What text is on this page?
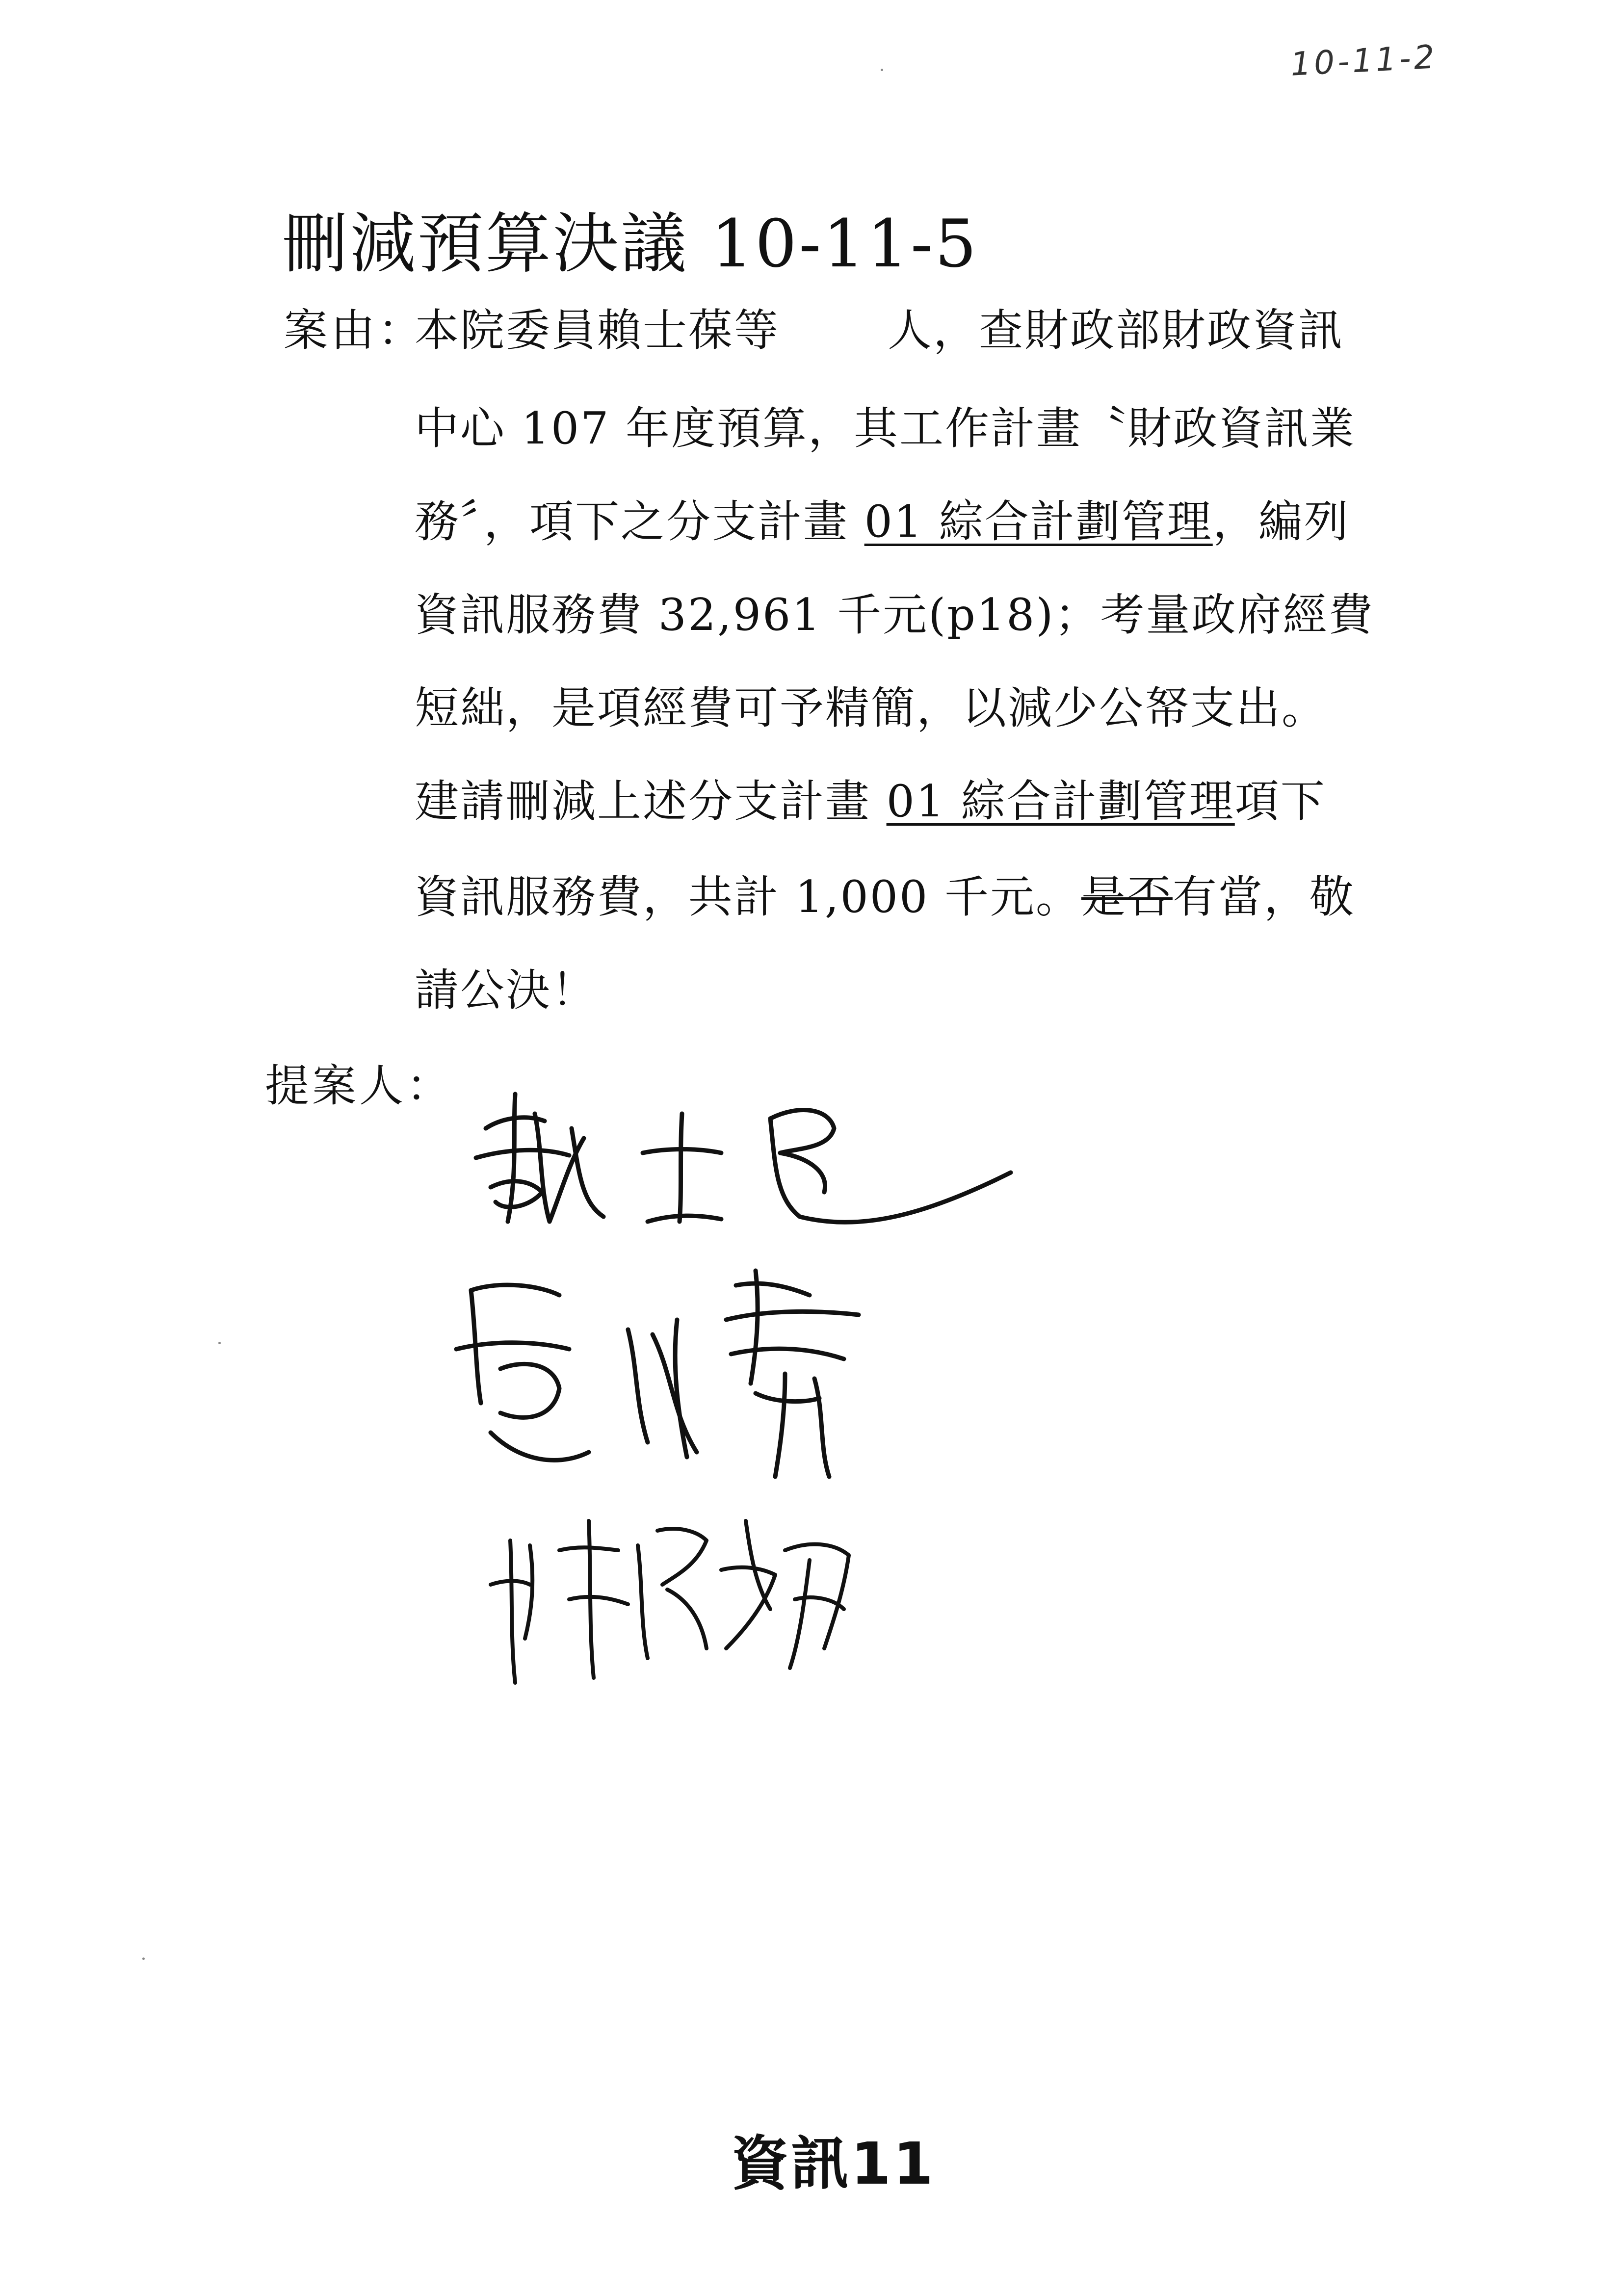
10-11-2
刪減預算決議 10-11-5
案由：
本院委員賴士葆等 人，查財政部財政資訊
中心 107 年度預算，其工作計畫〝財政資訊業
務〞，項下之分支計畫 01 綜合計劃管理，編列
資訊服務費 32,961 千元(p18)；考量政府經費
短絀，是項經費可予精簡，以減少公帑支出。
建請刪減上述分支計畫 01 綜合計劃管理項下
資訊服務費，共計 1,000 千元。是否有當，敬
請公決！
提案人：
資訊11
